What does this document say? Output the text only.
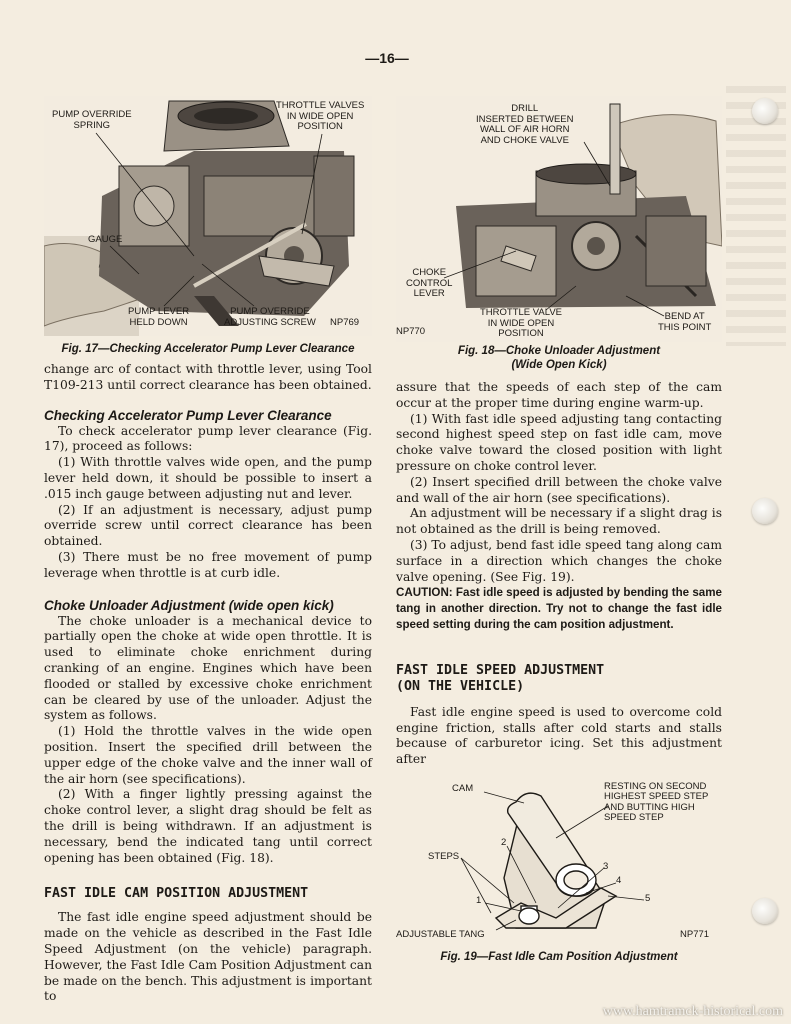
—16—
PUMP OVERRIDE
SPRING
THROTTLE VALVES
IN WIDE OPEN
POSITION
GAUGE
PUMP LEVER
HELD DOWN
PUMP OVERRIDE
ADJUSTING SCREW NP769
Fig. 17—Checking Accelerator Pump Lever Clearance

change arc of contact with throttle lever, using Tool T109-213 until correct clearance has been obtained.

Checking Accelerator Pump Lever Clearance

To check accelerator pump lever clearance (Fig. 17), proceed as follows:

(1) With throttle valves wide open, and the pump lever held down, it should be possible to insert a .015 inch gauge between adjusting nut and lever.

(2) If an adjustment is necessary, adjust pump override screw until correct clearance has been obtained.

(3) There must be no free movement of pump leverage when throttle is at curb idle.

Choke Unloader Adjustment (wide open kick)

The choke unloader is a mechanical device to partially open the choke at wide open throttle. It is used to eliminate choke enrichment during cranking of an engine. Engines which have been flooded or stalled by excessive choke enrichment can be cleared by use of the unloader. Adjust the system as follows.

(1) Hold the throttle valves in the wide open position. Insert the specified drill between the upper edge of the choke valve and the inner wall of the air horn (see specifications).

(2) With a finger lightly pressing against the choke control lever, a slight drag should be felt as the drill is being withdrawn. If an adjustment is necessary, bend the indicated tang until correct opening has been obtained (Fig. 18).

FAST IDLE CAM POSITION ADJUSTMENT

The fast idle engine speed adjustment should be made on the vehicle as described in the Fast Idle Speed Adjustment (on the vehicle) paragraph. However, the Fast Idle Cam Position Adjustment can be made on the bench. This adjustment is important to

DRILL
INSERTED BETWEEN
WALL OF AIR HORN
AND CHOKE VALVE
CHOKE
CONTROL
LEVER
THROTTLE VALVE
IN WIDE OPEN
POSITION
BEND AT
THIS POINT
NP770
Fig. 18—Choke Unloader Adjustment
(Wide Open Kick)

assure that the speeds of each step of the cam occur at the proper time during engine warm-up.

(1) With fast idle speed adjusting tang contacting second highest speed step on fast idle cam, move choke valve toward the closed position with light pressure on choke control lever.

(2) Insert specified drill between the choke valve and wall of the air horn (see specifications).

An adjustment will be necessary if a slight drag is not obtained as the drill is being removed.

(3) To adjust, bend fast idle speed tang along cam surface in a direction which changes the choke valve opening. (See Fig. 19).

CAUTION: Fast idle speed is adjusted by bending the same tang in another direction. Try not to change the fast idle speed setting during the cam position adjustment.
FAST IDLE SPEED ADJUSTMENT
(ON THE VEHICLE)

Fast idle engine speed is used to overcome cold engine friction, stalls after cold starts and stalls because of carburetor icing. Set this adjustment after

CAM	RESTING ON SECOND
HIGHEST SPEED STEP
AND BUTTING HIGH
SPEED STEP
STEPS
ADJUSTABLE TANG	NP771
1
2
3
4
5
Fig. 19—Fast Idle Cam Position Adjustment
www.hamtramck-historical.com
